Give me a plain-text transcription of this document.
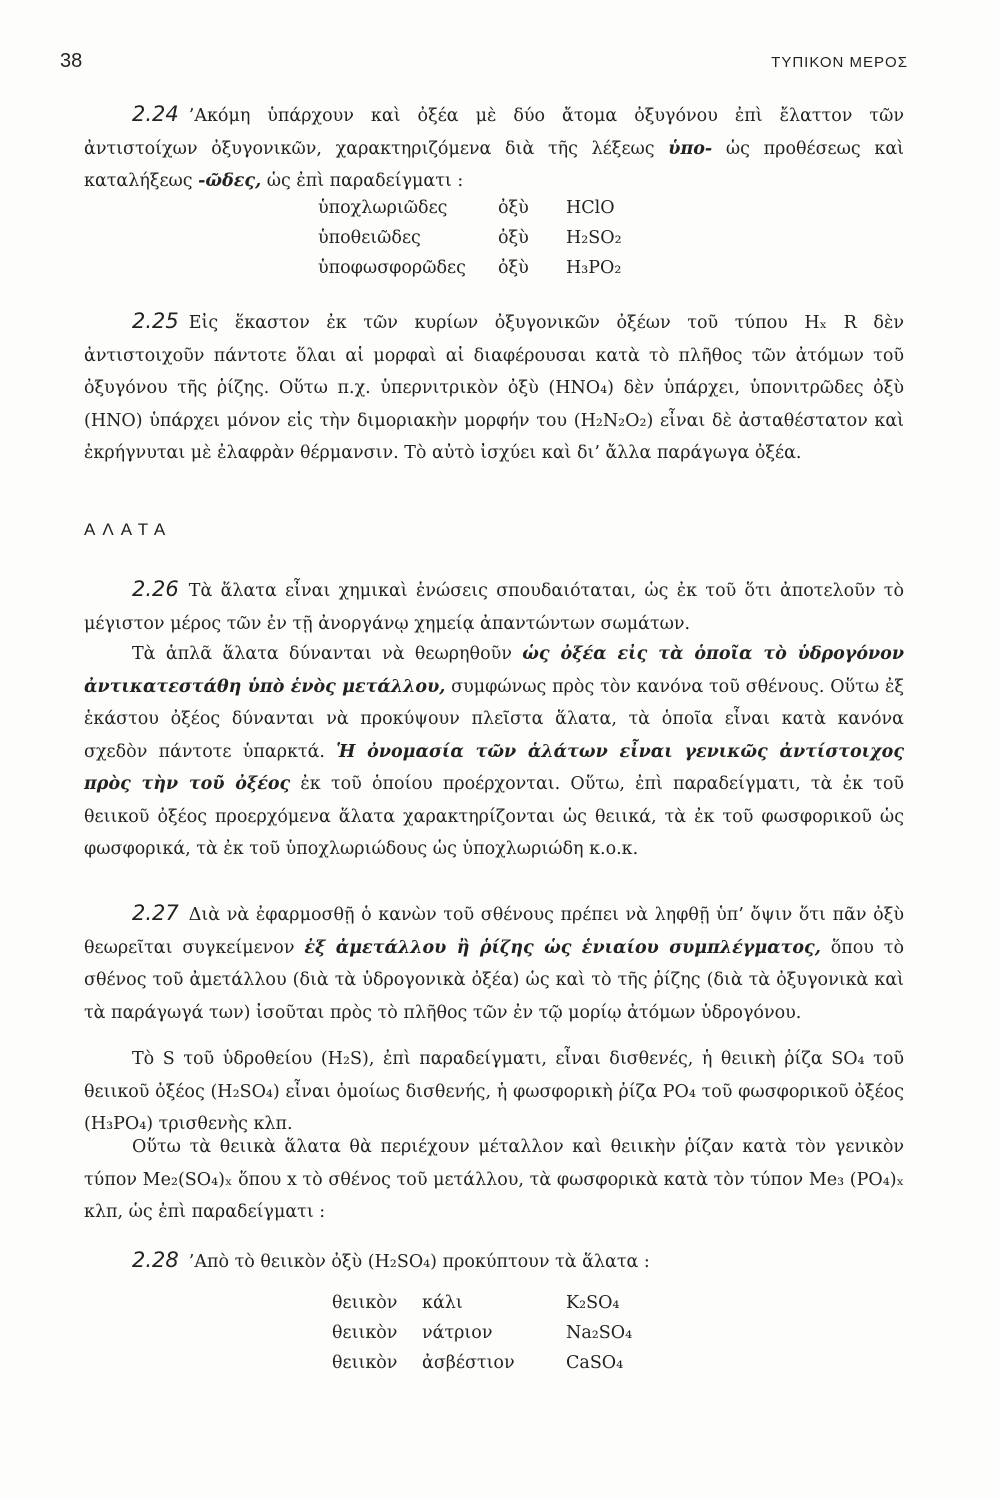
38	ΤΥΠΙΚΟΝ ΜΕΡΟΣ
2.24 ’Ακόμη ὑπάρχουν καὶ ὀξέα μὲ δύο ἄτομα ὀξυγόνου ἐπὶ ἔλαττον τῶν ἀντιστοίχων ὀξυγονικῶν, χαρακτηριζόμενα διὰ τῆς λέξεως ὑπο- ὡς προθέσεως καὶ καταλήξεως -ῶδες, ὡς ἐπὶ παραδείγματι :
ὑποχλωριῶδες	ὀξὺ	HClO
ὑποθειῶδες	ὀξὺ	H₂SO₂
ὑποφωσφορῶδες	ὀξὺ	H₃PO₂
2.25 Εἰς ἕκαστον ἐκ τῶν κυρίων ὀξυγονικῶν ὀξέων τοῦ τύπου Hₓ R δὲν ἀντιστοιχοῦν πάντοτε ὅλαι αἱ μορφαὶ αἱ διαφέρουσαι κατὰ τὸ πλῆθος τῶν ἀτόμων τοῦ ὀξυγόνου τῆς ῥίζης. Οὕτω π.χ. ὑπερνιτρικὸν ὀξὺ (HNO₄) δὲν ὑπάρχει, ὑπονιτρῶδες ὀξὺ (HNO) ὑπάρχει μόνον εἰς τὴν διμοριακὴν μορφήν του (H₂N₂O₂) εἶναι δὲ ἀσταθέστατον καὶ ἐκρήγνυται μὲ ἐλαφρὰν θέρμανσιν. Τὸ αὐτὸ ἰσχύει καὶ δι’ ἄλλα παράγωγα ὀξέα.
ΑΛΑΤΑ
2.26 Τὰ ἅλατα εἶναι χημικαὶ ἑνώσεις σπουδαιόταται, ὡς ἐκ τοῦ ὅτι ἀποτελοῦν τὸ μέγιστον μέρος τῶν ἐν τῇ ἀνοργάνῳ χημείᾳ ἀπαντώντων σωμάτων.
Τὰ ἁπλᾶ ἅλατα δύνανται νὰ θεωρηθοῦν ὡς ὀξέα εἰς τὰ ὁποῖα τὸ ὑδρογόνον ἀντικατεστάθη ὑπὸ ἑνὸς μετάλλου, συμφώνως πρὸς τὸν κανόνα τοῦ σθένους. Οὕτω ἐξ ἑκάστου ὀξέος δύνανται νὰ προκύψουν πλεῖστα ἅλατα, τὰ ὁποῖα εἶναι κατὰ κανόνα σχεδὸν πάντοτε ὑπαρκτά. Ἡ ὀνομασία τῶν ἁλάτων εἶναι γενικῶς ἀντίστοιχος πρὸς τὴν τοῦ ὀξέος ἐκ τοῦ ὁποίου προέρχονται. Οὕτω, ἐπὶ παραδείγματι, τὰ ἐκ τοῦ θειικοῦ ὀξέος προερχόμενα ἅλατα χαρακτηρίζονται ὡς θειικά, τὰ ἐκ τοῦ φωσφορικοῦ ὡς φωσφορικά, τὰ ἐκ τοῦ ὑποχλωριώδους ὡς ὑποχλωριώδη κ.ο.κ.
2.27 Διὰ νὰ ἐφαρμοσθῇ ὁ κανὼν τοῦ σθένους πρέπει νὰ ληφθῇ ὑπ’ ὄψιν ὅτι πᾶν ὀξὺ θεωρεῖται συγκείμενον ἐξ ἀμετάλλου ἢ ῥίζης ὡς ἑνιαίου συμπλέγματος, ὅπου τὸ σθένος τοῦ ἀμετάλλου (διὰ τὰ ὑδρογονικὰ ὀξέα) ὡς καὶ τὸ τῆς ῥίζης (διὰ τὰ ὀξυγονικὰ καὶ τὰ παράγωγά των) ἰσοῦται πρὸς τὸ πλῆθος τῶν ἐν τῷ μορίῳ ἀτόμων ὑδρογόνου.
Τὸ S τοῦ ὑδροθείου (H₂S), ἐπὶ παραδείγματι, εἶναι δισθενές, ἡ θειικὴ ῥίζα SO₄ τοῦ θειικοῦ ὀξέος (H₂SO₄) εἶναι ὁμοίως δισθενής, ἡ φωσφορικὴ ῥίζα PO₄ τοῦ φωσφορικοῦ ὀξέος (H₃PO₄) τρισθενὴς κλπ.
Οὕτω τὰ θειικὰ ἅλατα θὰ περιέχουν μέταλλον καὶ θειικὴν ῥίζαν κατὰ τὸν γενικὸν τύπον Me₂(SO₄)ₓ ὅπου x τὸ σθένος τοῦ μετάλλου, τὰ φωσφορικὰ κατὰ τὸν τύπον Me₃ (PO₄)ₓ κλπ, ὡς ἐπὶ παραδείγματι :
2.28 ’Απὸ τὸ θειικὸν ὀξὺ (H₂SO₄) προκύπτουν τὰ ἅλατα :
θειικὸν	κάλι	K₂SO₄
θειικὸν	νάτριον	Na₂SO₄
θειικὸν	ἀσβέστιον	CaSO₄
